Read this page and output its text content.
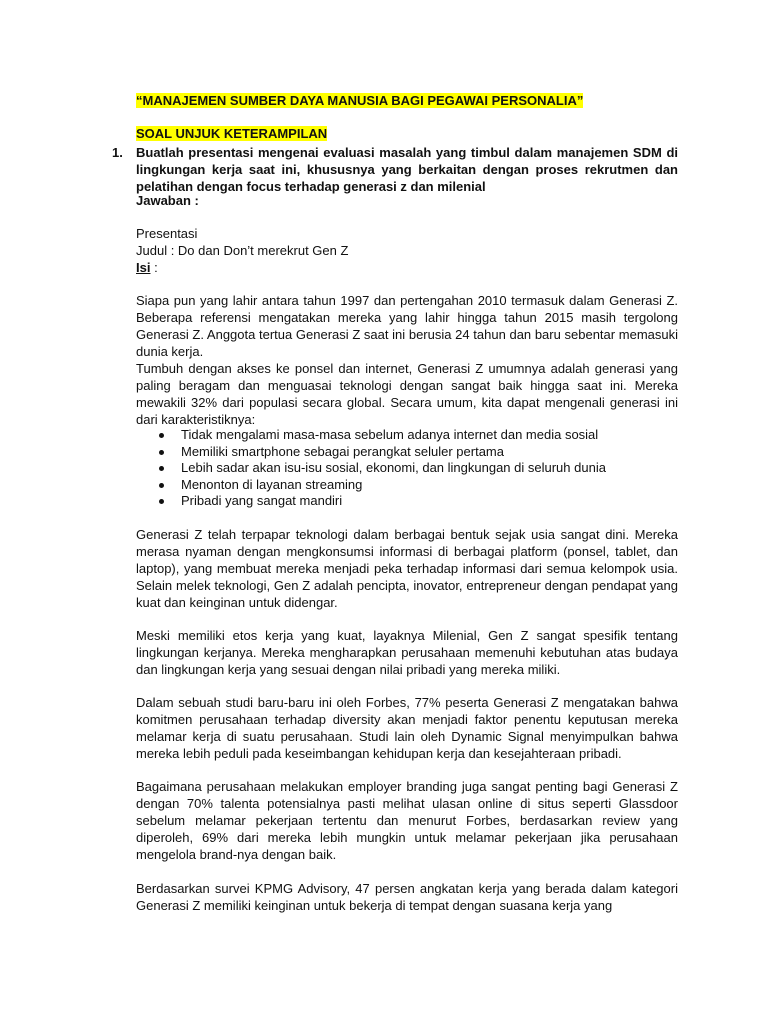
“MANAJEMEN SUMBER DAYA MANUSIA BAGI PEGAWAI PERSONALIA”
SOAL UNJUK KETERAMPILAN
1. Buatlah presentasi mengenai evaluasi masalah yang timbul dalam manajemen SDM di lingkungan kerja saat ini, khususnya yang berkaitan dengan proses rekrutmen dan pelatihan dengan focus terhadap generasi z dan milenial
Jawaban :
Presentasi
Judul : Do dan Don’t merekrut Gen Z
Isi :

Siapa pun yang lahir antara tahun 1997 dan pertengahan 2010 termasuk dalam Generasi Z. Beberapa referensi mengatakan mereka yang lahir hingga tahun 2015 masih tergolong Generasi Z. Anggota tertua Generasi Z saat ini berusia 24 tahun dan baru sebentar memasuki dunia kerja.

Tumbuh dengan akses ke ponsel dan internet, Generasi Z umumnya adalah generasi yang paling beragam dan menguasai teknologi dengan sangat baik hingga saat ini. Mereka mewakili 32% dari populasi secara global. Secara umum, kita dapat mengenali generasi ini dari karakteristiknya:

Tidak mengalami masa-masa sebelum adanya internet dan media sosial
Memiliki smartphone sebagai perangkat seluler pertama
Lebih sadar akan isu-isu sosial, ekonomi, dan lingkungan di seluruh dunia
Menonton di layanan streaming
Pribadi yang sangat mandiri

Generasi Z telah terpapar teknologi dalam berbagai bentuk sejak usia sangat dini. Mereka merasa nyaman dengan mengkonsumsi informasi di berbagai platform (ponsel, tablet, dan laptop), yang membuat mereka menjadi peka terhadap informasi dari semua kelompok usia. Selain melek teknologi, Gen Z adalah pencipta, inovator, entrepreneur dengan pendapat yang kuat dan keinginan untuk didengar.

Meski memiliki etos kerja yang kuat, layaknya Milenial, Gen Z sangat spesifik tentang lingkungan kerjanya. Mereka mengharapkan perusahaan memenuhi kebutuhan atas budaya dan lingkungan kerja yang sesuai dengan nilai pribadi yang mereka miliki.

Dalam sebuah studi baru-baru ini oleh Forbes, 77% peserta Generasi Z mengatakan bahwa komitmen perusahaan terhadap diversity akan menjadi faktor penentu keputusan mereka melamar kerja di suatu perusahaan. Studi lain oleh Dynamic Signal menyimpulkan bahwa mereka lebih peduli pada keseimbangan kehidupan kerja dan kesejahteraan pribadi.

Bagaimana perusahaan melakukan employer branding juga sangat penting bagi Generasi Z dengan 70% talenta potensialnya pasti melihat ulasan online di situs seperti Glassdoor sebelum melamar pekerjaan tertentu dan menurut Forbes, berdasarkan review yang diperoleh, 69% dari mereka lebih mungkin untuk melamar pekerjaan jika perusahaan mengelola brand-nya dengan baik.

Berdasarkan survei KPMG Advisory, 47 persen angkatan kerja yang berada dalam kategori Generasi Z memiliki keinginan untuk bekerja di tempat dengan suasana kerja yang
